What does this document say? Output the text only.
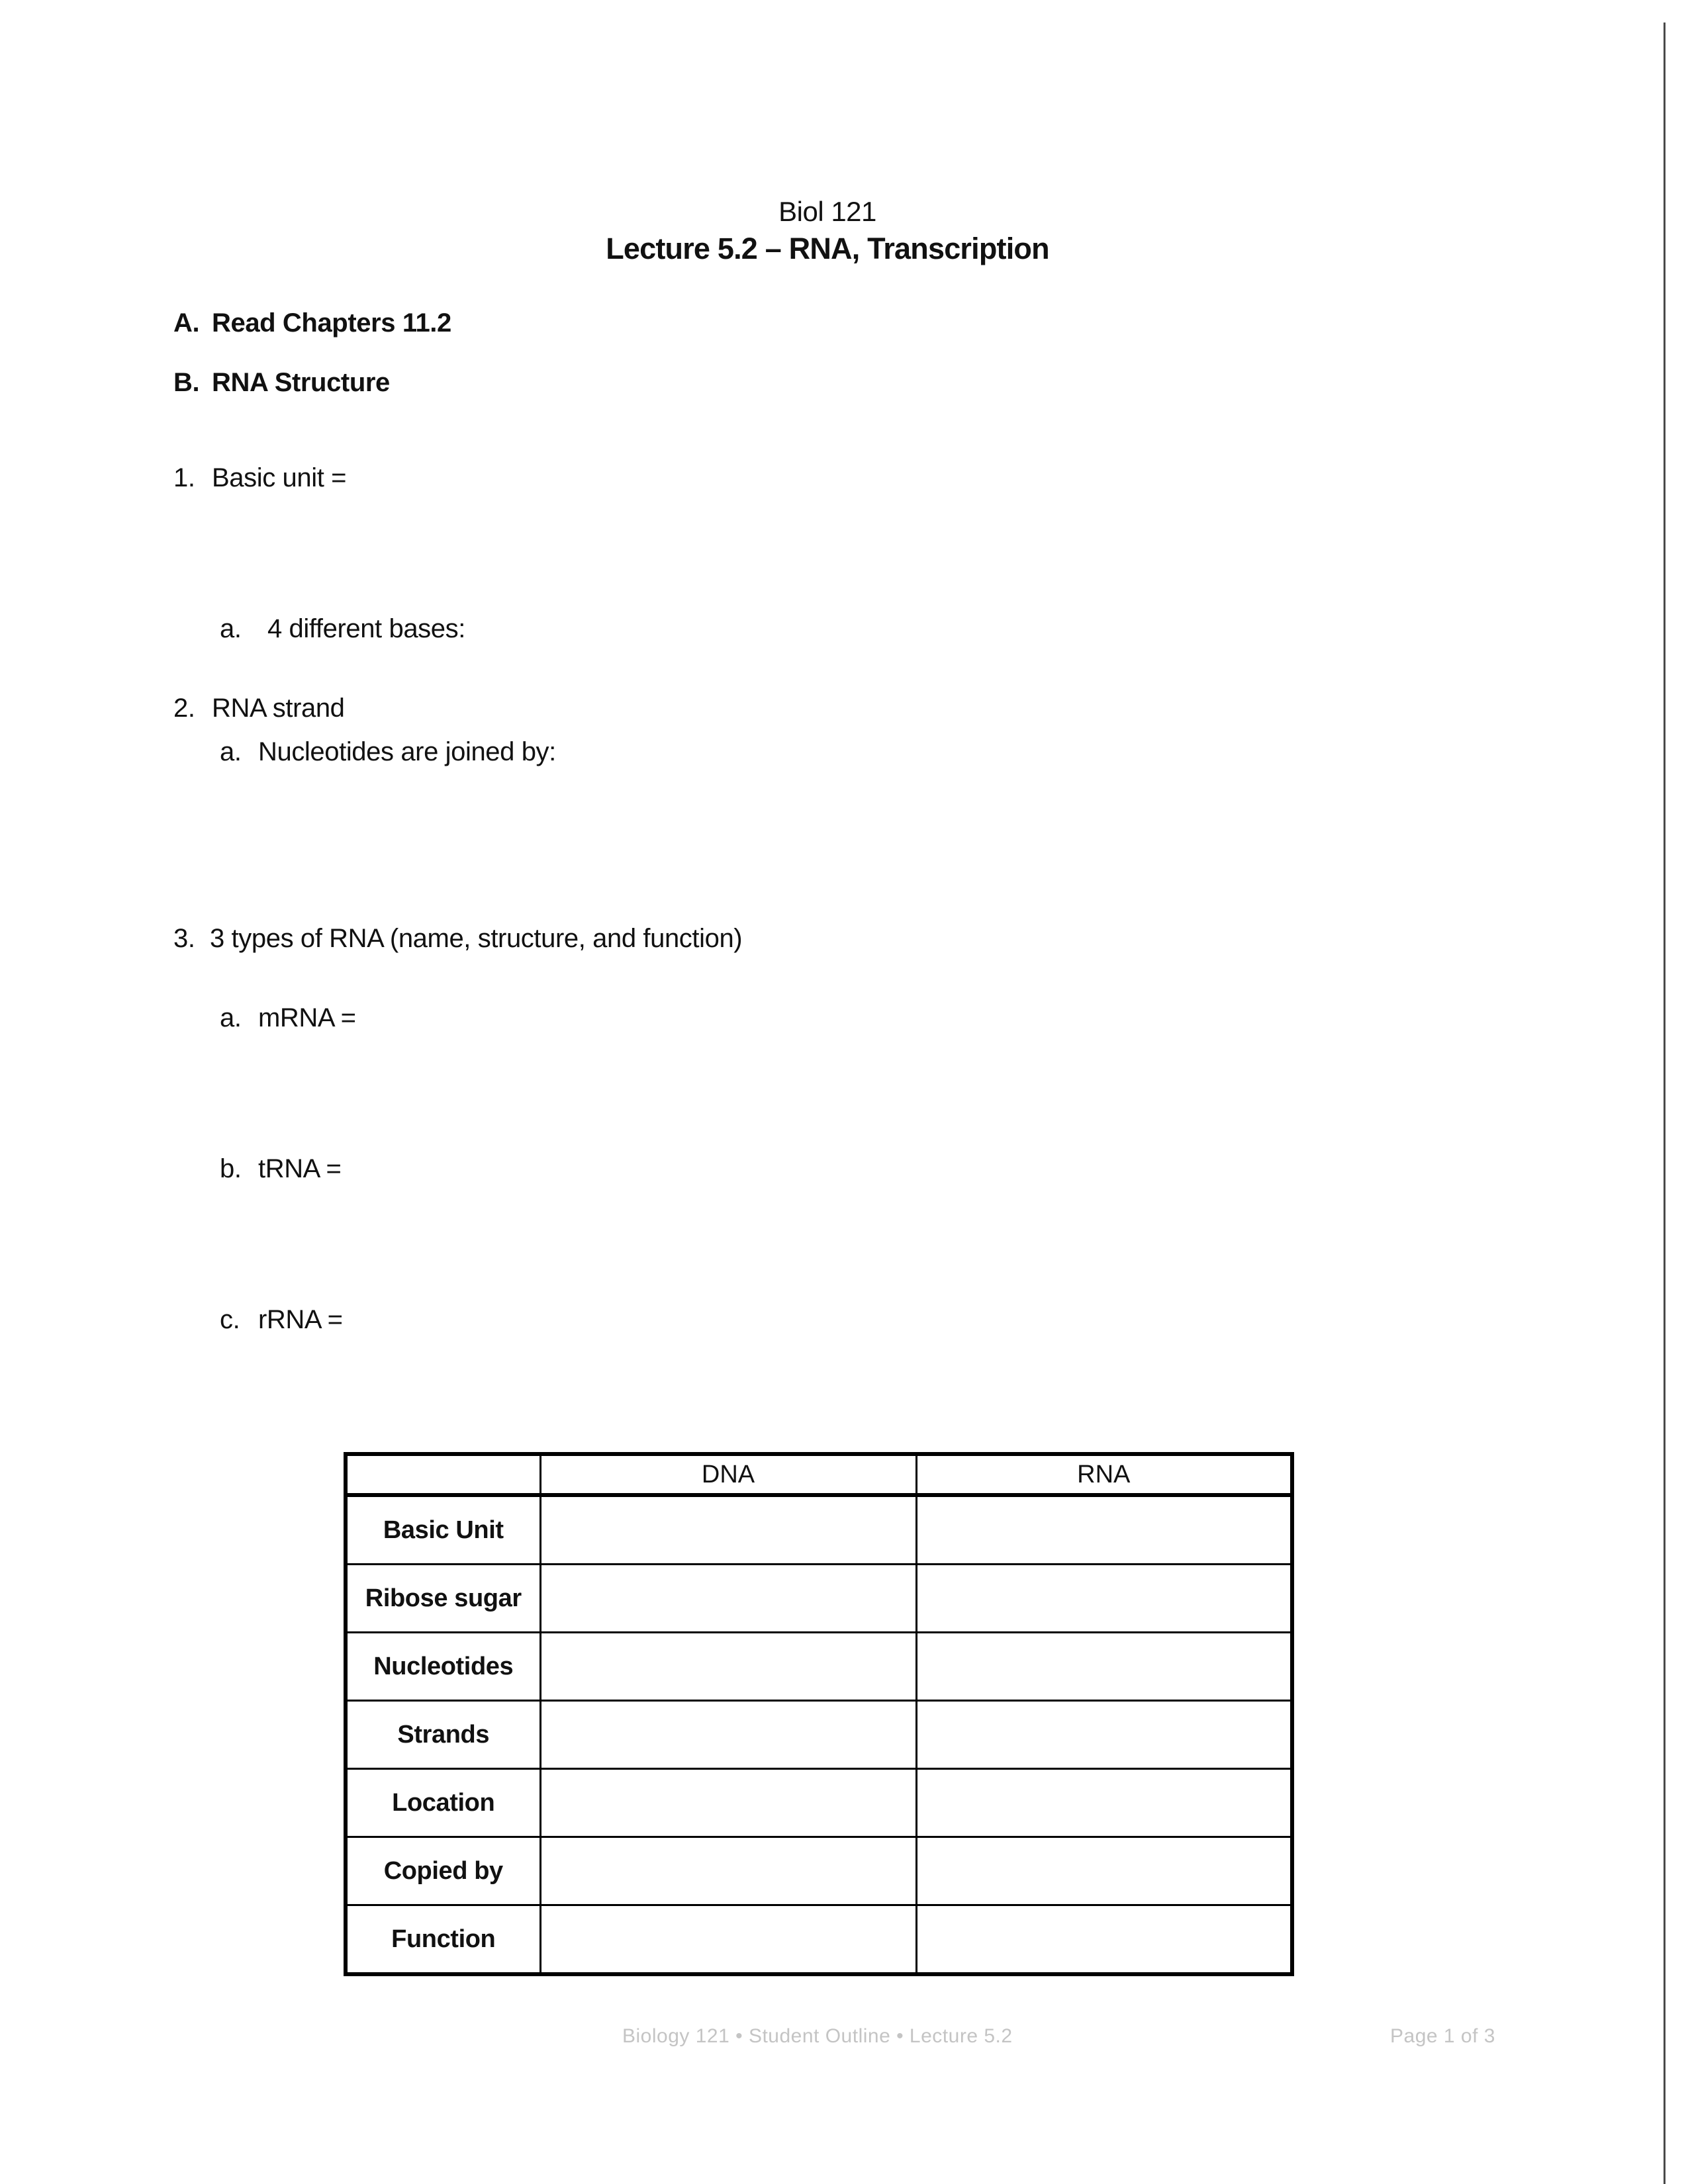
Biol 121
Lecture 5.2 – RNA, Transcription
A. Read Chapters 11.2
B. RNA Structure
1. Basic unit =
a. 4 different bases:
2. RNA strand
a. Nucleotides are joined by:
3. 3 types of RNA (name, structure, and function)
a. mRNA =
b. tRNA =
c. rRNA =
	DNA	RNA
Basic Unit		
Ribose sugar		
Nucleotides		
Strands		
Location		
Copied by		
Function		
Biology 121 • Student Outline • Lecture 5.2	Page 1 of 3
